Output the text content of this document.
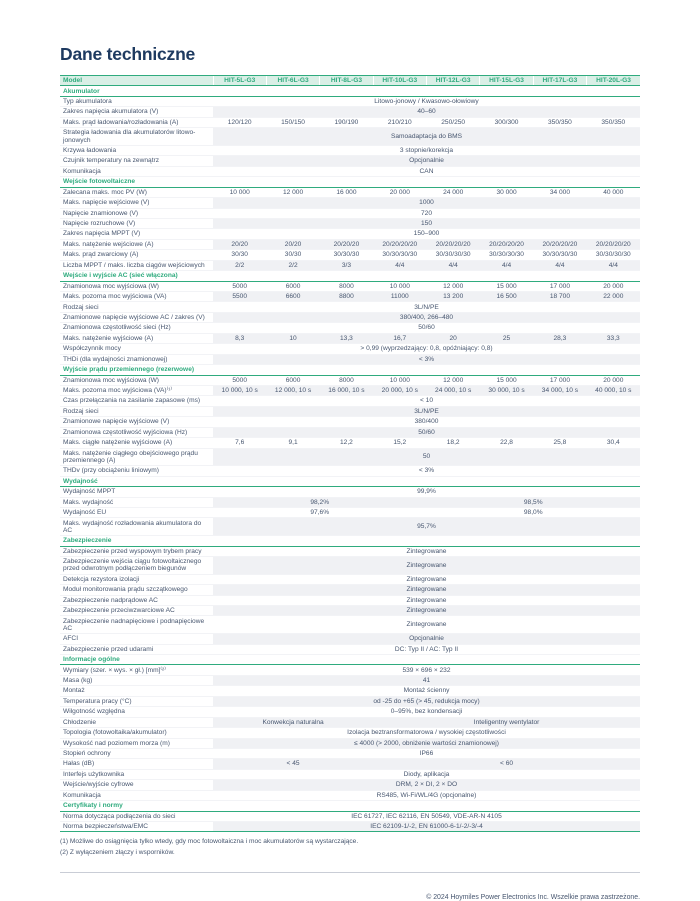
Dane techniczne
Model	HIT-5L-G3	HIT-6L-G3	HIT-8L-G3	HIT-10L-G3	HIT-12L-G3	HIT-15L-G3	HIT-17L-G3	HIT-20L-G3
Akumulator								
Typ akumulatora	Litowo-jonowy / Kwasowo-ołowiowy							
Zakres napięcia akumulatora (V)	40–60							
Maks. prąd ładowania/rozładowania (A)	120/120	150/150	190/190	210/210	250/250	300/300	350/350	350/350
Strategia ładowania dla akumulatorów litowo-jonowych	Samoadaptacja do BMS							
Krzywa ładowania	3 stopnie/korekcja							
Czujnik temperatury na zewnątrz	Opcjonalnie							
Komunikacja	CAN							
Wejście fotowoltaiczne								
Zalecana maks. moc PV (W)	10 000	12 000	16 000	20 000	24 000	30 000	34 000	40 000
Maks. napięcie wejściowe (V)	1000							
Napięcie znamionowe (V)	720							
Napięcie rozruchowe (V)	150							
Zakres napięcia MPPT (V)	150–900							
Maks. natężenie wejściowe (A)	20/20	20/20	20/20/20	20/20/20/20	20/20/20/20	20/20/20/20	20/20/20/20	20/20/20/20
Maks. prąd zwarciowy (A)	30/30	30/30	30/30/30	30/30/30/30	30/30/30/30	30/30/30/30	30/30/30/30	30/30/30/30
Liczba MPPT / maks. liczba ciągów wejściowych	2/2	2/2	3/3	4/4	4/4	4/4	4/4	4/4
Wejście i wyjście AC (sieć włączona)								
Znamionowa moc wyjściowa (W)	5000	6000	8000	10 000	12 000	15 000	17 000	20 000
Maks. pozorna moc wyjściowa (VA)	5500	6600	8800	11000	13 200	16 500	18 700	22 000
Rodzaj sieci	3L/N/PE							
Znamionowe napięcie wyjściowe AC / zakres (V)	380/400, 266–480							
Znamionowa częstotliwość sieci (Hz)	50/60							
Maks. natężenie wyjściowe (A)	8,3	10	13,3	16,7	20	25	28,3	33,3
Współczynnik mocy	> 0,99 (wyprzedzający: 0,8, opóźniający: 0,8)							
THDi (dla wydajności znamionowej)	< 3%							
Wyjście prądu przemiennego (rezerwowe)								
Znamionowa moc wyjściowa (W)	5000	6000	8000	10 000	12 000	15 000	17 000	20 000
Maks. pozorna moc wyjściowa (VA)⁽¹⁾	10 000, 10 s	12 000, 10 s	16 000, 10 s	20 000, 10 s	24 000, 10 s	30 000, 10 s	34 000, 10 s	40 000, 10 s
Czas przełączania na zasilanie zapasowe (ms)	< 10							
Rodzaj sieci	3L/N/PE							
Znamionowe napięcie wyjściowe (V)	380/400							
Znamionowa częstotliwość wyjściowa (Hz)	50/60							
Maks. ciągłe natężenie wyjściowe (A)	7,6	9,1	12,2	15,2	18,2	22,8	25,8	30,4
Maks. natężenie ciągłego obejściowego prądu przemiennego (A)	50							
THDv (przy obciążeniu liniowym)	< 3%							
Wydajność								
Wydajność MPPT	99,9%							
Maks. wydajność	98,2%				98,5%			
Wydajność EU	97,6%				98,0%			
Maks. wydajność rozładowania akumulatora do AC	95,7%							
Zabezpieczenie								
Zabezpieczenie przed wyspowym trybem pracy	Zintegrowane							
Zabezpieczenie wejścia ciągu fotowoltaicznego przed odwrotnym podłączeniem biegunów	Zintegrowane							
Detekcja rezystora izolacji	Zintegrowane							
Moduł monitorowania prądu szczątkowego	Zintegrowane							
Zabezpieczenie nadprądowe AC	Zintegrowane							
Zabezpieczenie przeciwzwarciowe AC	Zintegrowane							
Zabezpieczenie nadnapięciowe i podnapięciowe AC	Zintegrowane							
AFCI	Opcjonalnie							
Zabezpieczenie przed udarami	DC: Typ II / AC: Typ II							
Informacje ogólne								
Wymiary (szer. × wys. × gł.) [mm]⁽²⁾	539 × 696 × 232							
Masa (kg)	41							
Montaż	Montaż ścienny							
Temperatura pracy (°C)	od -25 do +65 (> 45, redukcja mocy)							
Wilgotność względna	0–95%, bez kondensacji							
Chłodzenie	Konwekcja naturalna			Inteligentny wentylator				
Topologia (fotowoltaika/akumulator)	Izolacja beztransformatorowa / wysokiej częstotliwości							
Wysokość nad poziomem morza (m)	≤ 4000 (> 2000, obniżenie wartości znamionowej)							
Stopień ochrony	IP66							
Hałas (dB)	< 45			< 60				
Interfejs użytkownika	Diody, aplikacja							
Wejście/wyjście cyfrowe	DRM, 2 × DI, 2 × DO							
Komunikacja	RS485, Wi-Fi/WL/4G (opcjonalne)							
Certyfikaty i normy								
Norma dotycząca podłączenia do sieci	IEC 61727, IEC 62116, EN 50549, VDE-AR-N 4105							
Norma bezpieczeństwa/EMC	IEC 62109-1/-2, EN 61000-6-1/-2/-3/-4							
(1) Możliwe do osiągnięcia tylko wtedy, gdy moc fotowoltaiczna i moc akumulatorów są wystarczające.
(2) Z wyłączeniem złączy i wsporników.
© 2024 Hoymiles Power Electronics Inc. Wszelkie prawa zastrzeżone.
